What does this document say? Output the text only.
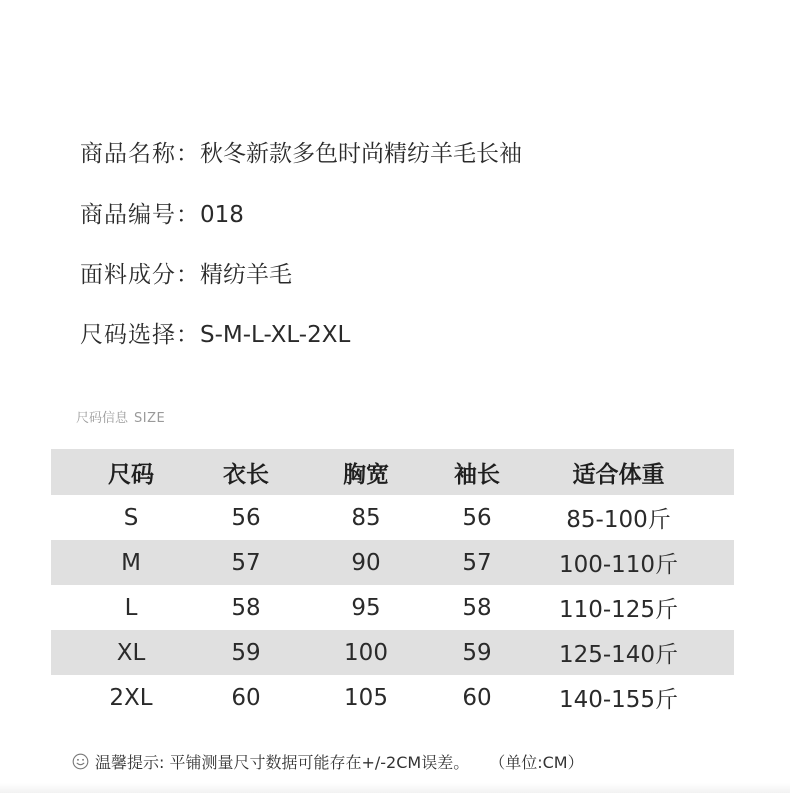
商品名称：秋冬新款多色时尚精纺羊毛长袖
商品编号：018
面料成分：精纺羊毛
尺码选择：S-M-L-XL-2XL
尺码信息 SIZE
尺码	衣长	胸宽	袖长	适合体重
S	56	85	56	85-100斤
M	57	90	57	100-110斤
L	58	95	58	110-125斤
XL	59	100	59	125-140斤
2XL	60	105	60	140-155斤
温馨提示: 平铺测量尺寸数据可能存在+/-2CM误差。 （单位:CM）
